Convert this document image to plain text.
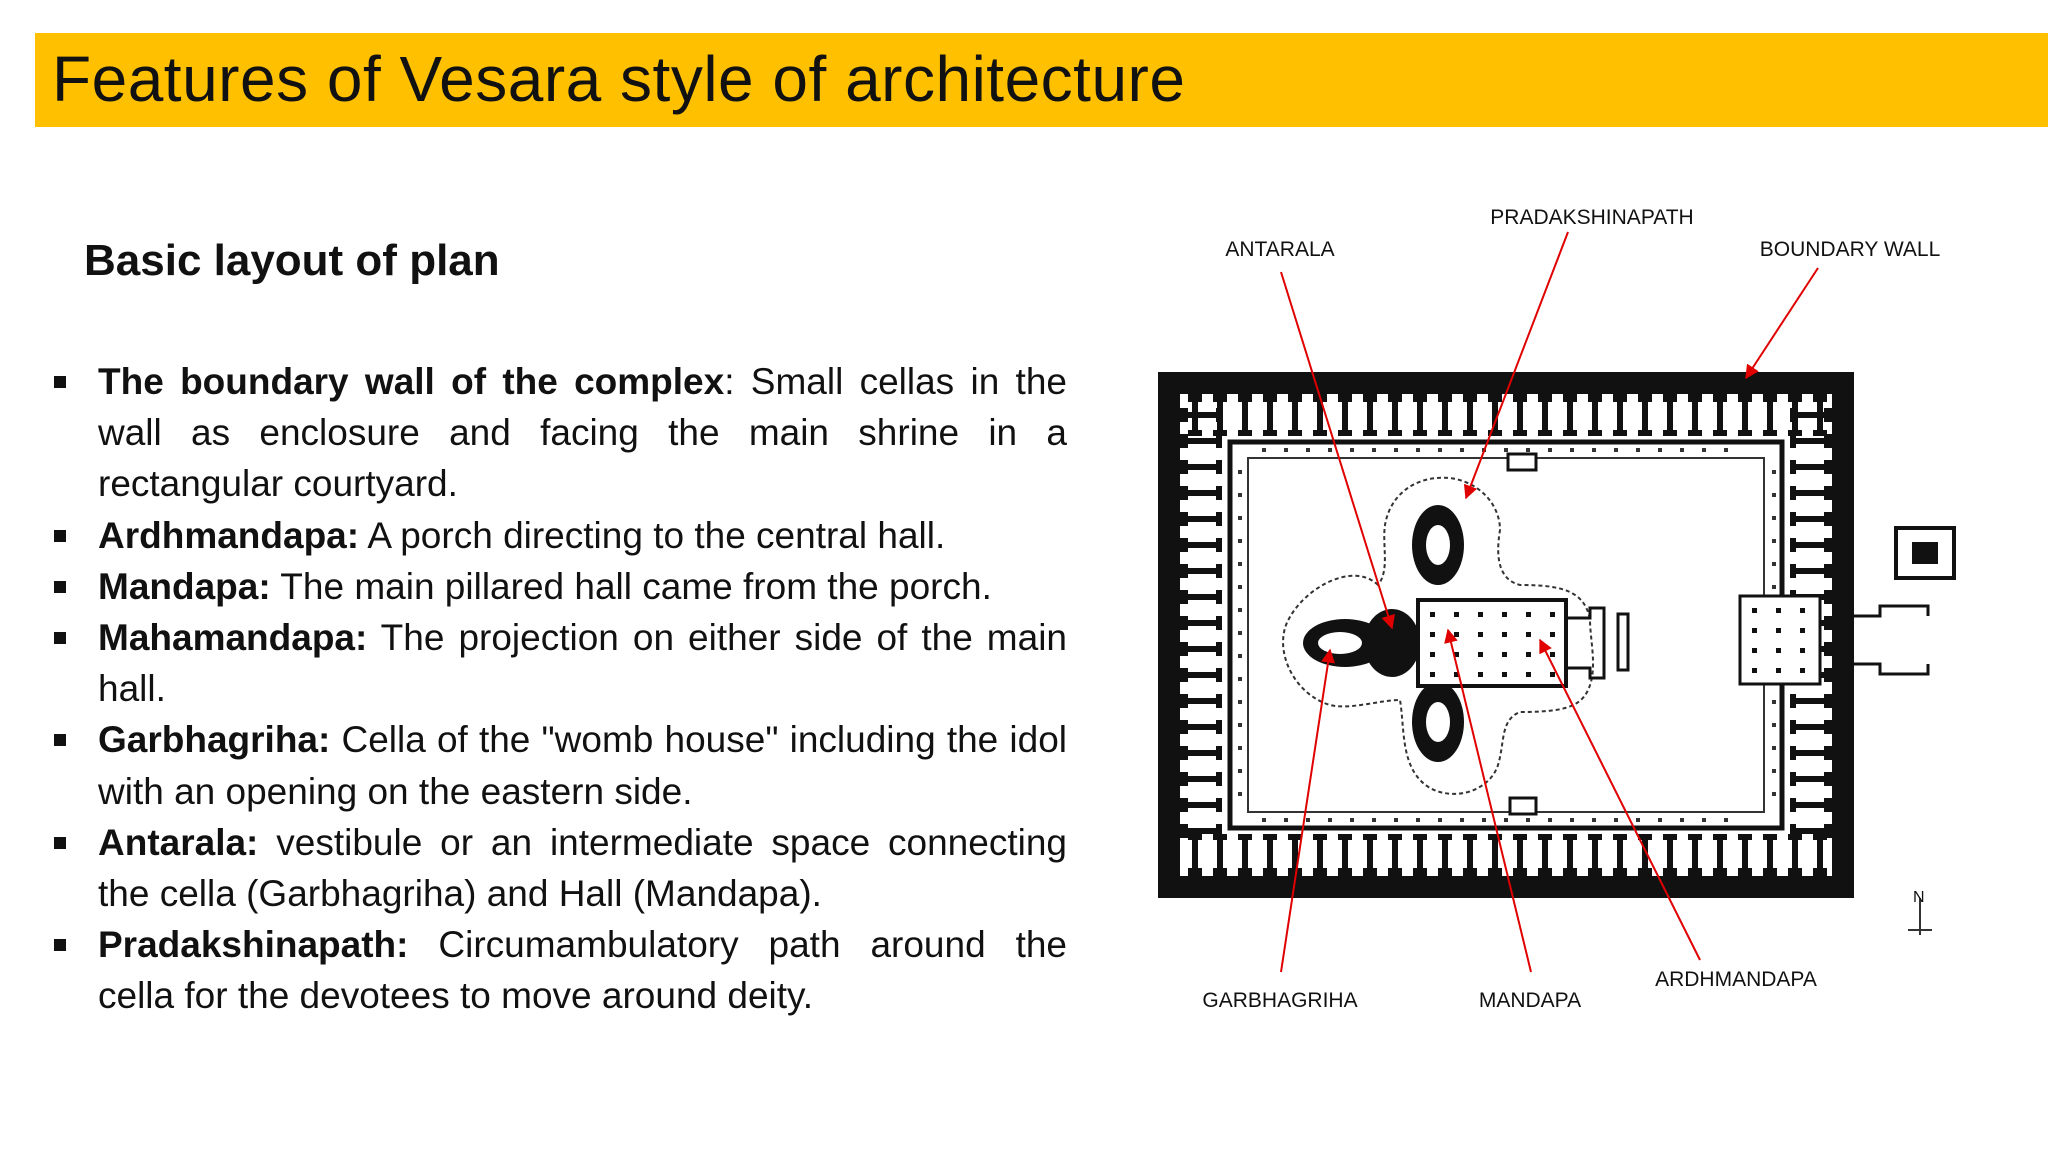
Features of Vesara style of architecture
Basic layout of plan
The boundary wall of the complex: Small cellas in the wall as enclosure and facing the main shrine in a rectangular courtyard.
Ardhmandapa: A porch directing to the central hall.
Mandapa: The main pillared hall came from the porch.
Mahamandapa: The projection on either side of the main hall.
Garbhagriha: Cella of the "womb house" including the idol with an opening on the eastern side.
Antarala: vestibule or an intermediate space connecting the cella (Garbhagriha) and Hall (Mandapa).
Pradakshinapath: Circumambulatory path around the cella for the devotees to move around deity.
N
PRADAKSHINAPATH
ANTARALA	BOUNDARY WALL
GARBHAGRIHA	MANDAPA
ARDHMANDAPA
